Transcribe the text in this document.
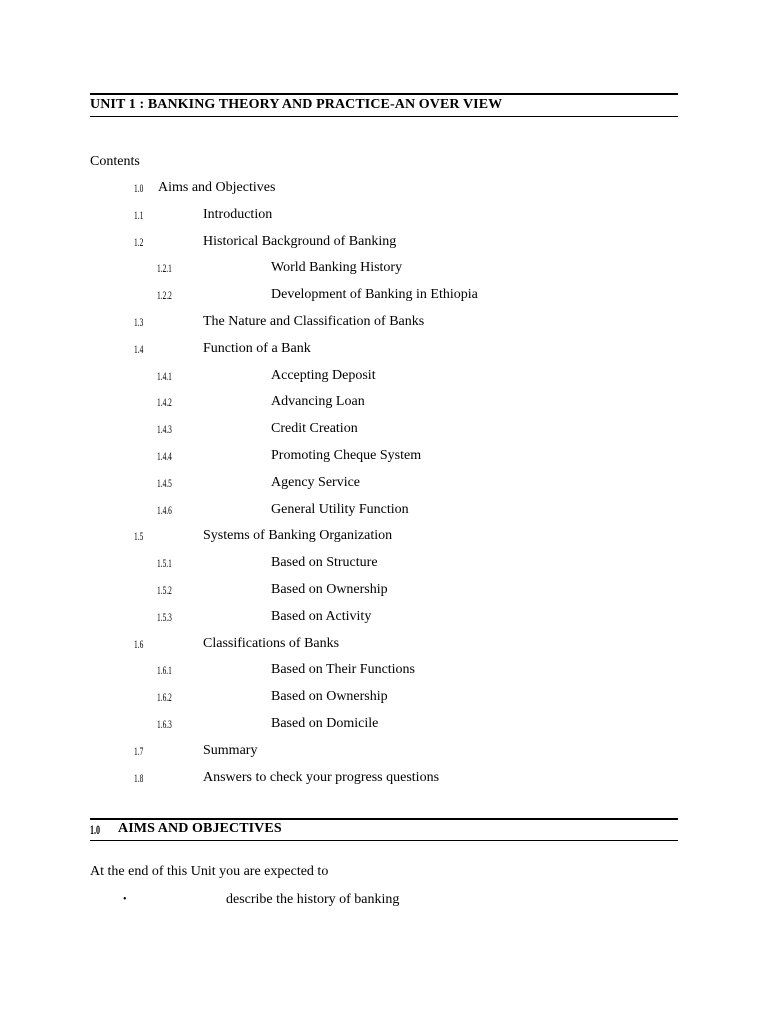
UNIT 1 : BANKING THEORY AND PRACTICE-AN OVER VIEW
Contents
1.0 Aims and Objectives
1.1	Introduction
1.2	Historical Background of Banking
1.2.1	World Banking History
1.2.2	Development of Banking in Ethiopia
1.3	The Nature and Classification of Banks
1.4	Function of a Bank
1.4.1	Accepting Deposit
1.4.2	Advancing Loan
1.4.3	Credit Creation
1.4.4	Promoting Cheque System
1.4.5	Agency Service
1.4.6	General Utility Function
1.5	Systems of Banking Organization
1.5.1	Based on Structure
1.5.2	Based on Ownership
1.5.3	Based on Activity
1.6	Classifications of Banks
1.6.1	Based on Their Functions
1.6.2	Based on Ownership
1.6.3	Based on Domicile
1.7	Summary
1.8	Answers to check your progress questions
1.0 AIMS AND OBJECTIVES
At the end of this Unit you are expected to
•	describe the history of banking
